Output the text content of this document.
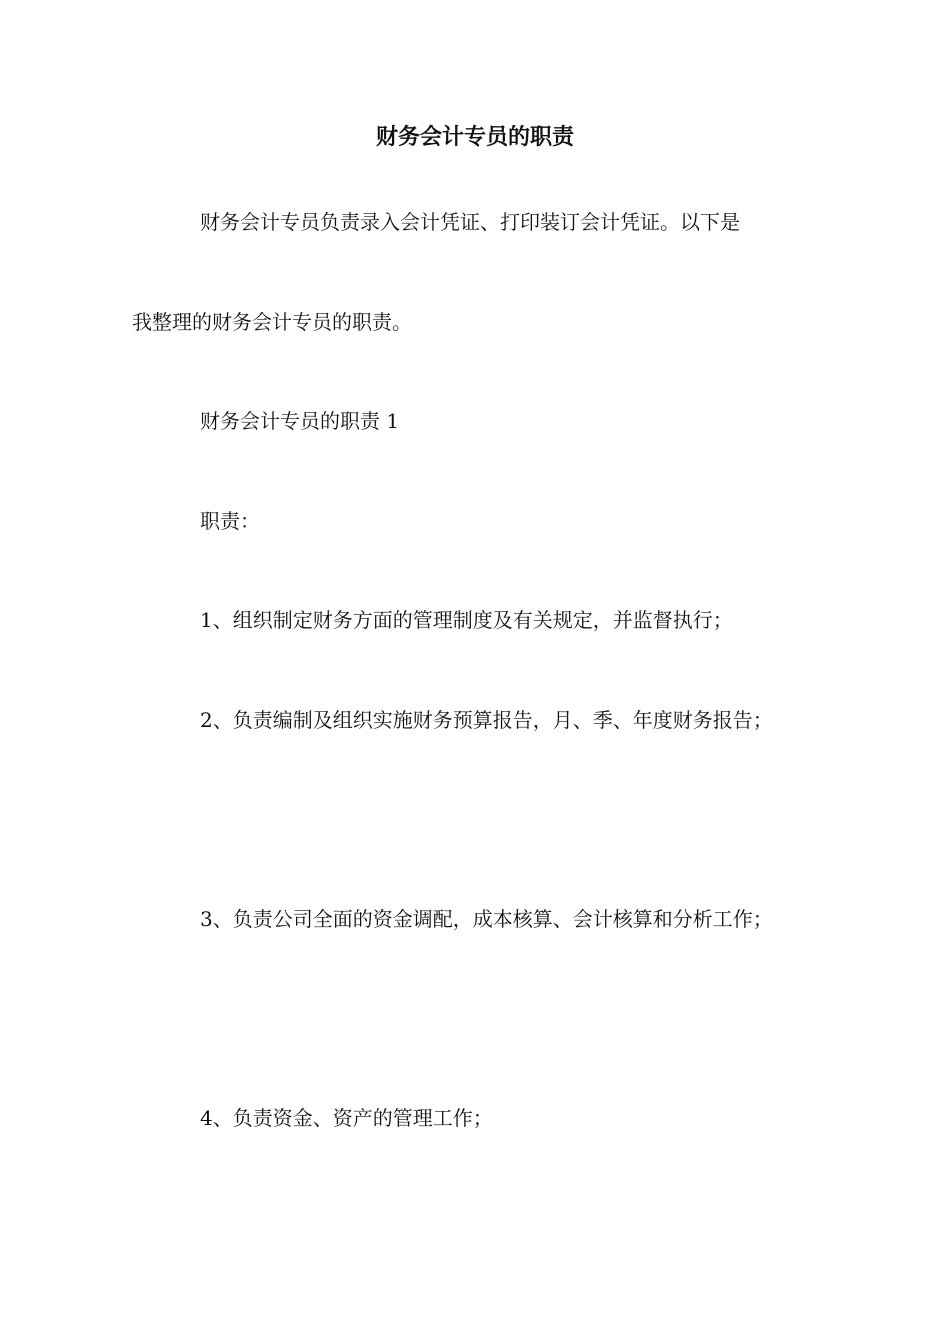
财务会计专员的职责
财务会计专员负责录入会计凭证、打印装订会计凭证。以下是
我整理的财务会计专员的职责。
财务会计专员的职责 1
职责：
1、组织制定财务方面的管理制度及有关规定，并监督执行；
2、负责编制及组织实施财务预算报告，月、季、年度财务报告；
3、负责公司全面的资金调配，成本核算、会计核算和分析工作；
4、负责资金、资产的管理工作；
